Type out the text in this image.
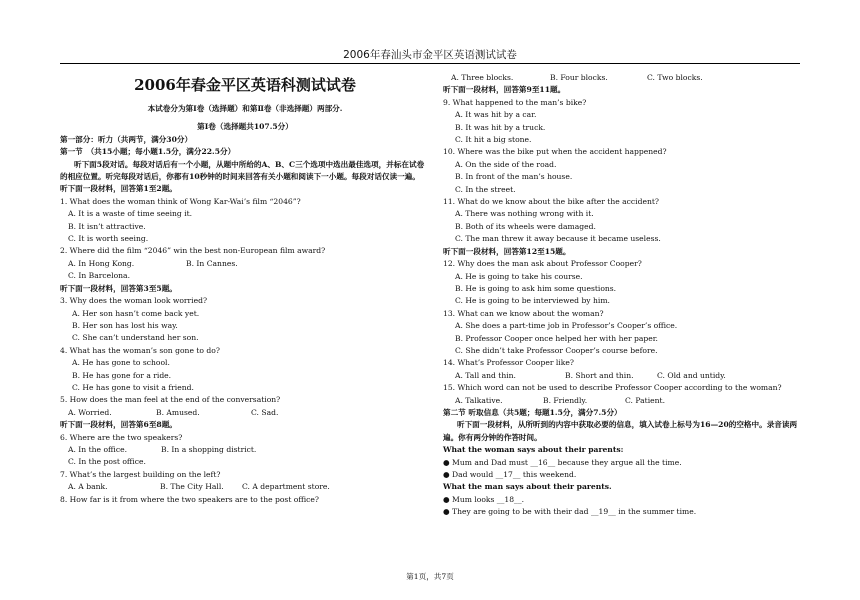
2006年春汕头市金平区英语测试试卷
2006年春金平区英语科测试试卷
本试卷分为第Ⅰ卷（选择题）和第Ⅱ卷（非选择题）两部分.
第Ⅰ卷（选择题共107.5分）
第一部分：听力（共两节，满分30分）
第一节　（共15小题；每小题1.5分，满分22.5分）
听下面5段对话。每段对话后有一个小题，从题中所给的A、B、C三个选项中选出最佳选项，并标在试卷的相应位置。听完每段对话后，你都有10秒钟的时间来回答有关小题和阅读下一小题。每段对话仅读一遍。
听下面一段材料，回答第1至2题。
1. What does the woman think of Wong Kar-Wai’s film “2046”?
A. It is a waste of time seeing it.
B. It isn’t attractive.
C. It is worth seeing.
2. Where did the film “2046” win the best non-European film award?
A. In Hong Kong.	B. In Cannes.
C. In Barcelona.
听下面一段材料，回答第3至5题。
3. Why does the woman look worried?
A. Her son hasn’t come back yet.
B. Her son has lost his way.
C. She can’t understand her son.
4. What has the woman’s son gone to do?
A. He has gone to school.
B. He has gone for a ride.
C. He has gone to visit a friend.
5. How does the man feel at the end of the conversation?
A. Worried.	B. Amused.	C. Sad.
听下面一段材料，回答第6至8题。
6. Where are the two speakers?
A. In the office.	B. In a shopping district.
C. In the post office.
7. What’s the largest building on the left?
A. A bank.	B. The City Hall.	C. A department store.
8. How far is it from where the two speakers are to the post office?
A. Three blocks.	B. Four blocks.	C. Two blocks.
听下面一段材料，回答第9至11题。
9. What happened to the man’s bike?
A. It was hit by a car.
B. It was hit by a truck.
C. It hit a big stone.
10. Where was the bike put when the accident happened?
A. On the side of the road.
B. In front of the man’s house.
C. In the street.
11. What do we know about the bike after the accident?
A. There was nothing wrong with it.
B. Both of its wheels were damaged.
C. The man threw it away because it became useless.
听下面一段材料，回答第12至15题。
12. Why does the man ask about Professor Cooper?
A. He is going to take his course.
B. He is going to ask him some questions.
C. He is going to be interviewed by him.
13. What can we know about the woman?
A. She does a part-time job in Professor’s Cooper’s office.
B. Professor Cooper once helped her with her paper.
C. She didn’t take Professor Cooper’s course before.
14. What’s Professor Cooper like?
A. Tall and thin.	B. Short and thin.	C. Old and untidy.
15. Which word can not be used to describe Professor Cooper according to the woman?
A. Talkative.	B. Friendly.	C. Patient.
第二节 听取信息（共5题；每题1.5分，满分7.5分）
听下面一段材料，从所听到的内容中获取必要的信息，填入试卷上标号为16—20的空格中。录音读两遍。你有两分钟的作答时间。
What the woman says about their parents:
● Mum and Dad must __16__ because they argue all the time.
● Dad would __17__ this weekend.
What the man says about their parents.
● Mum looks __18__.
● They are going to be with their dad __19__ in the summer time.
第1页，共7页
